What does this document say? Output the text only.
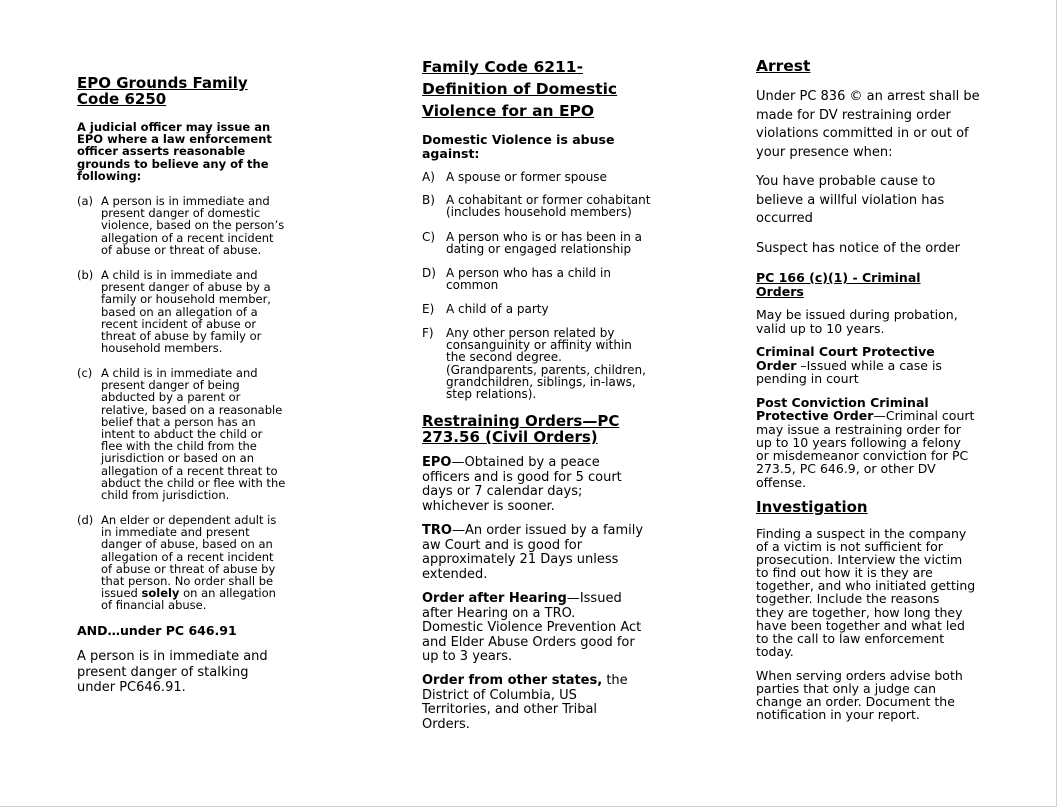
EPO Grounds Family
Code 6250
A judicial officer may issue an
EPO where a law enforcement
officer asserts reasonable
grounds to believe any of the
following:
(a) A person is in immediate and
present danger of domestic
violence, based on the person’s
allegation of a recent incident
of abuse or threat of abuse.
(b) A child is in immediate and
present danger of abuse by a
family or household member,
based on an allegation of a
recent incident of abuse or
threat of abuse by family or
household members.
(c) A child is in immediate and
present danger of being
abducted by a parent or
relative, based on a reasonable
belief that a person has an
intent to abduct the child or
flee with the child from the
jurisdiction or based on an
allegation of a recent threat to
abduct the child or flee with the
child from jurisdiction.
(d) An elder or dependent adult is
in immediate and present
danger of abuse, based on an
allegation of a recent incident
of abuse or threat of abuse by
that person. No order shall be
issued solely on an allegation
of financial abuse.
AND…under PC 646.91
A person is in immediate and
present danger of stalking
under PC646.91.
Family Code 6211-
Definition of Domestic
Violence for an EPO
Domestic Violence is abuse
against:
A) A spouse or former spouse
B) A cohabitant or former cohabitant
(includes household members)
C) A person who is or has been in a
dating or engaged relationship
D) A person who has a child in
common
E) A child of a party
F) Any other person related by
consanguinity or affinity within
the second degree.
(Grandparents, parents, children,
grandchildren, siblings, in-laws,
step relations).
Restraining Orders—PC
273.56 (Civil Orders)
EPO—Obtained by a peace
officers and is good for 5 court
days or 7 calendar days;
whichever is sooner.
TRO—An order issued by a family
aw Court and is good for
approximately 21 Days unless
extended.
Order after Hearing—Issued
after Hearing on a TRO.
Domestic Violence Prevention Act
and Elder Abuse Orders good for
up to 3 years.
Order from other states, the
District of Columbia, US
Territories, and other Tribal
Orders.
Arrest
Under PC 836 © an arrest shall be
made for DV restraining order
violations committed in or out of
your presence when:
You have probable cause to
believe a willful violation has
occurred
Suspect has notice of the order
PC 166 (c)(1) - Criminal
Orders
May be issued during probation,
valid up to 10 years.
Criminal Court Protective
Order –Issued while a case is
pending in court
Post Conviction Criminal
Protective Order—Criminal court
may issue a restraining order for
up to 10 years following a felony
or misdemeanor conviction for PC
273.5, PC 646.9, or other DV
offense.
Investigation
Finding a suspect in the company
of a victim is not sufficient for
prosecution. Interview the victim
to find out how it is they are
together, and who initiated getting
together. Include the reasons
they are together, how long they
have been together and what led
to the call to law enforcement
today.
When serving orders advise both
parties that only a judge can
change an order. Document the
notification in your report.
